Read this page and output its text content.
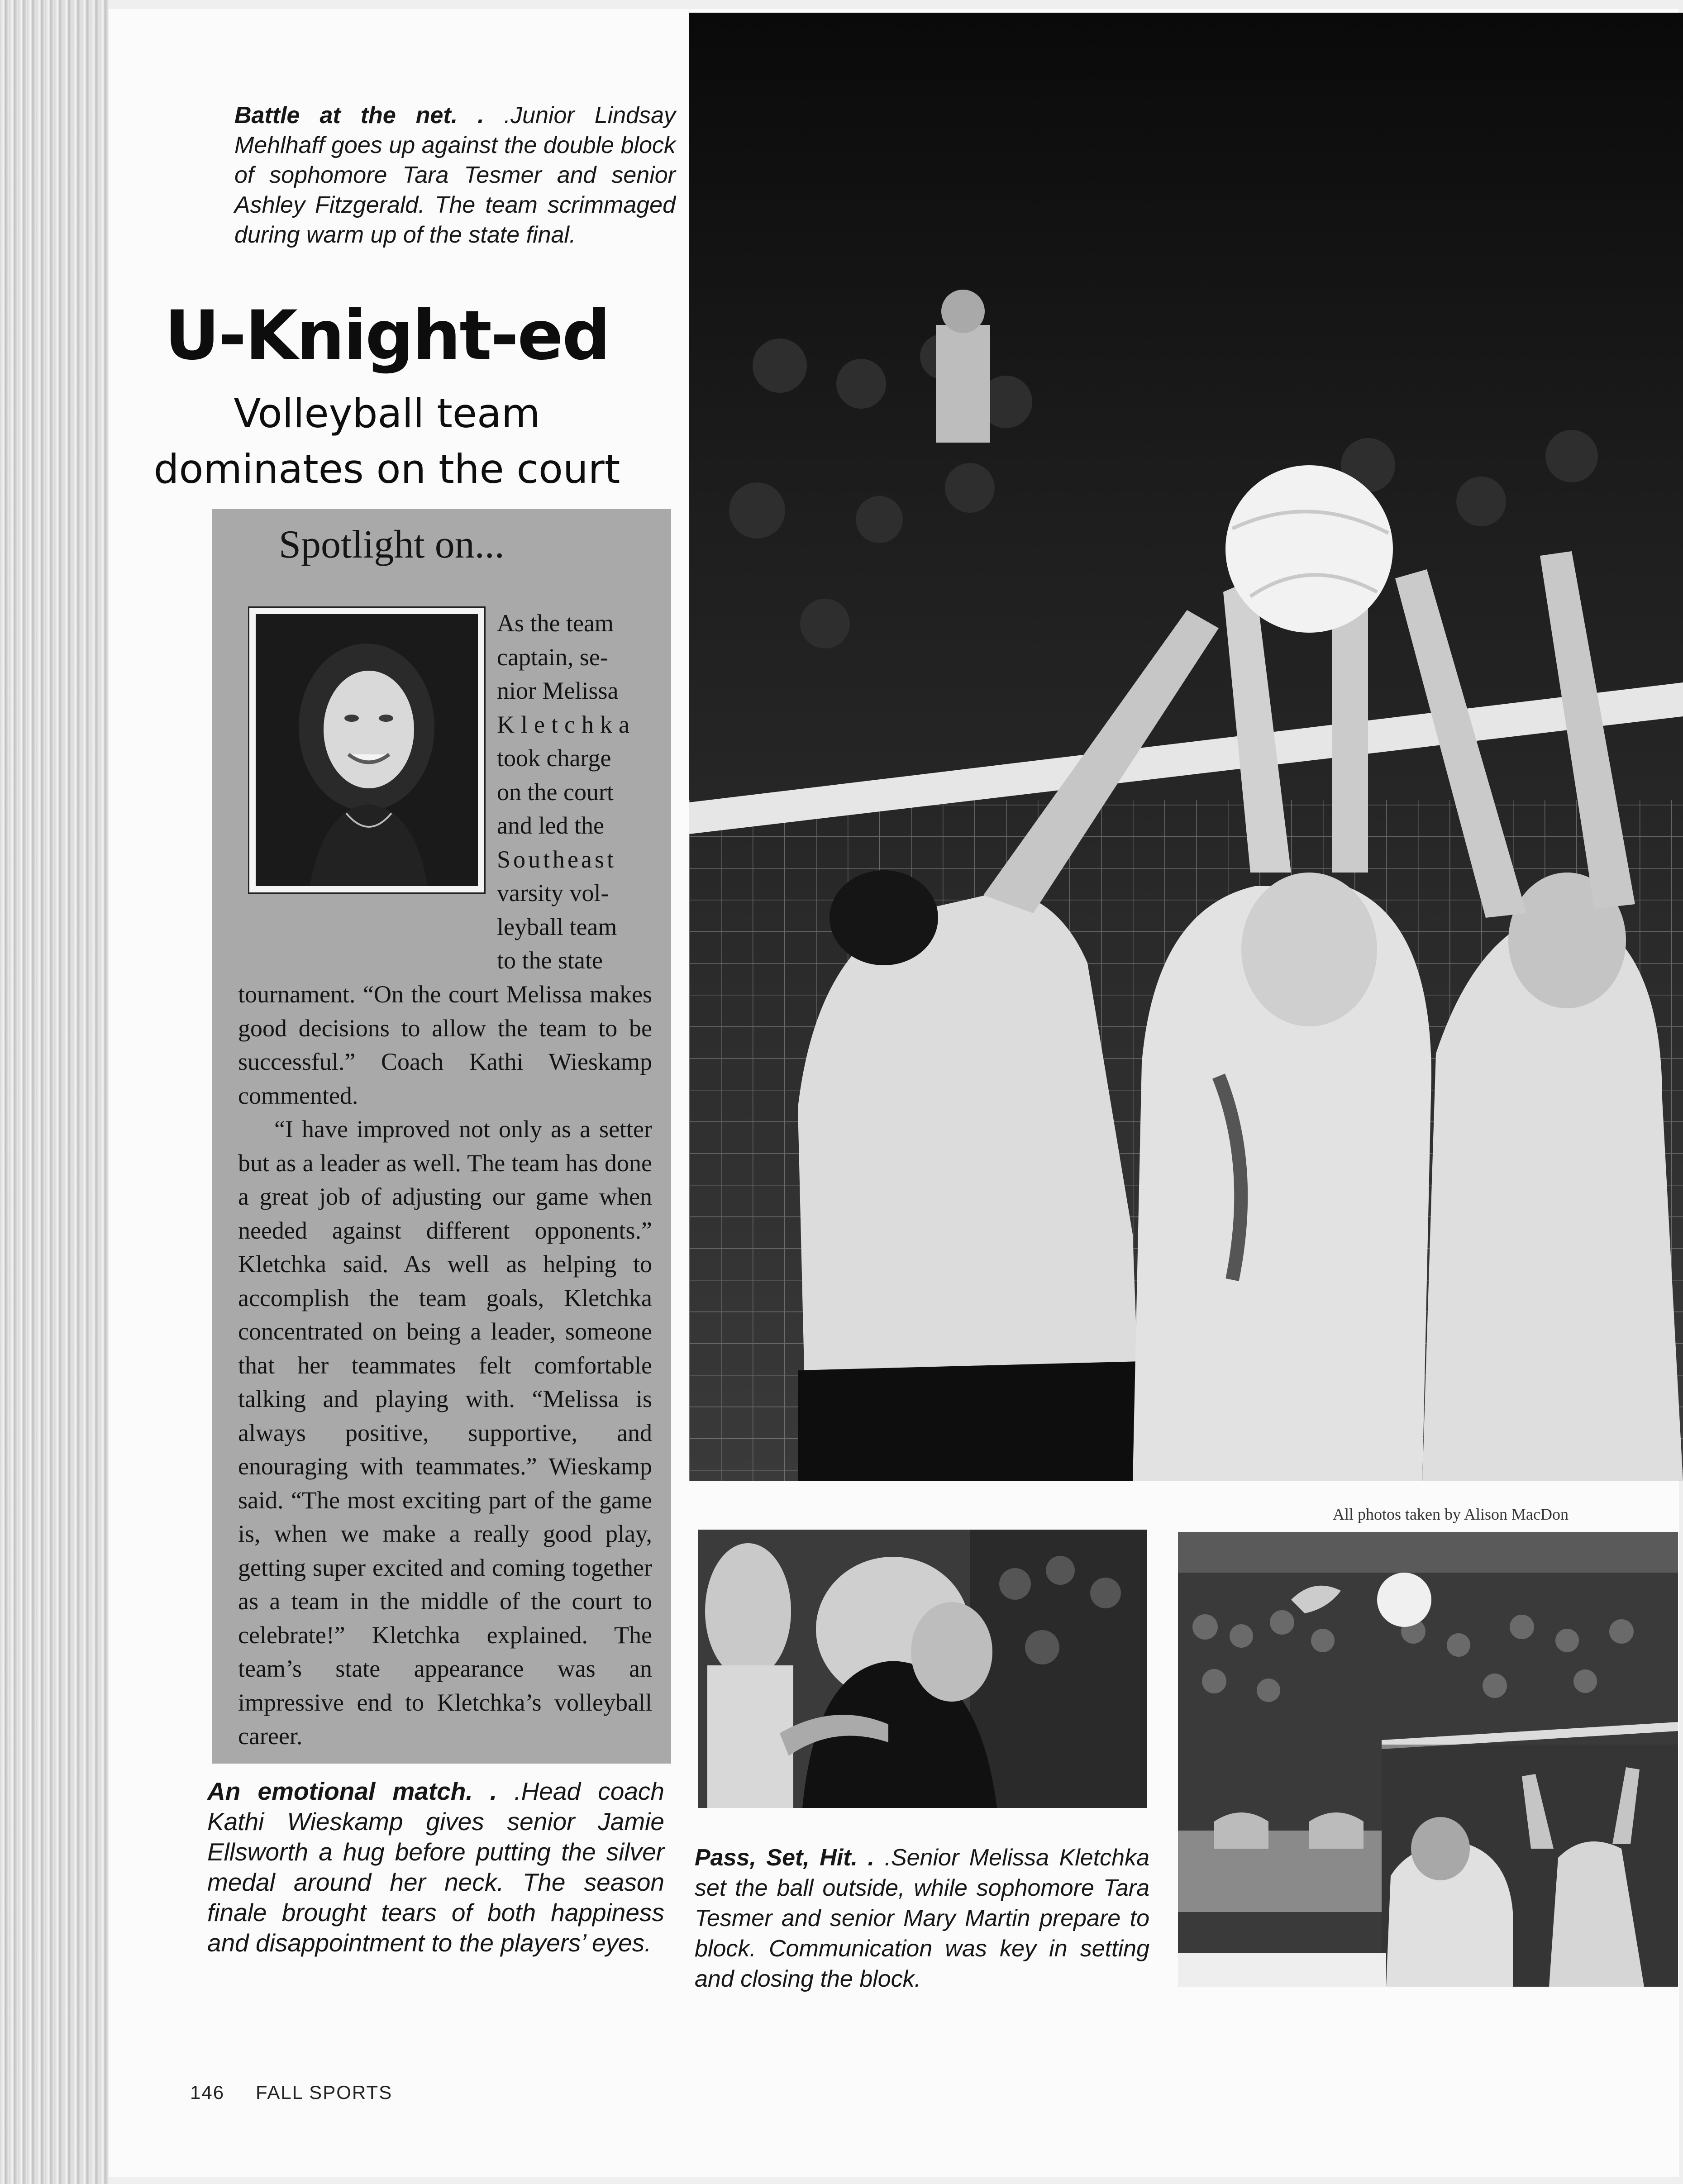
Battle at the net. . .Junior Lindsay Mehlhaff goes up against the double block of sophomore Tara Tesmer and senior Ashley Fitzgerald. The team scrimmaged during warm up of the state final.
U-Knight-ed
Volleyball team
dominates on the court
Spotlight on...
As the team
captain, se-
nior Melissa
Kletchka
took charge
on the court
and led the
Southeast
varsity vol-
leyball team
to the state
tournament. “On the court Melissa makes good decisions to allow the team to be successful.” Coach Kathi Wieskamp commented.
“I have improved not only as a setter but as a leader as well. The team has done a great job of adjusting our game when needed against different opponents.” Kletchka said. As well as helping to accomplish the team goals, Kletchka concentrated on being a leader, someone that her teammates felt comfortable talking and playing with. “Melissa is always positive, supportive, and enouraging with teammates.” Wieskamp said. “The most exciting part of the game is, when we make a really good play, getting super excited and coming together as a team in the middle of the court to celebrate!” Kletchka explained. The team’s state appearance was an impressive end to Kletchka’s volleyball career.
All photos taken by Alison MacDon
An emotional match. . .Head coach Kathi Wieskamp gives senior Jamie Ellsworth a hug before putting the silver medal around her neck. The season finale brought tears of both happiness and disappointment to the players’ eyes.
Pass, Set, Hit. . .Senior Melissa Kletchka set the ball outside, while sophomore Tara Tesmer and senior Mary Martin prepare to block. Communication was key in setting and closing the block.
146 FALL SPORTS
